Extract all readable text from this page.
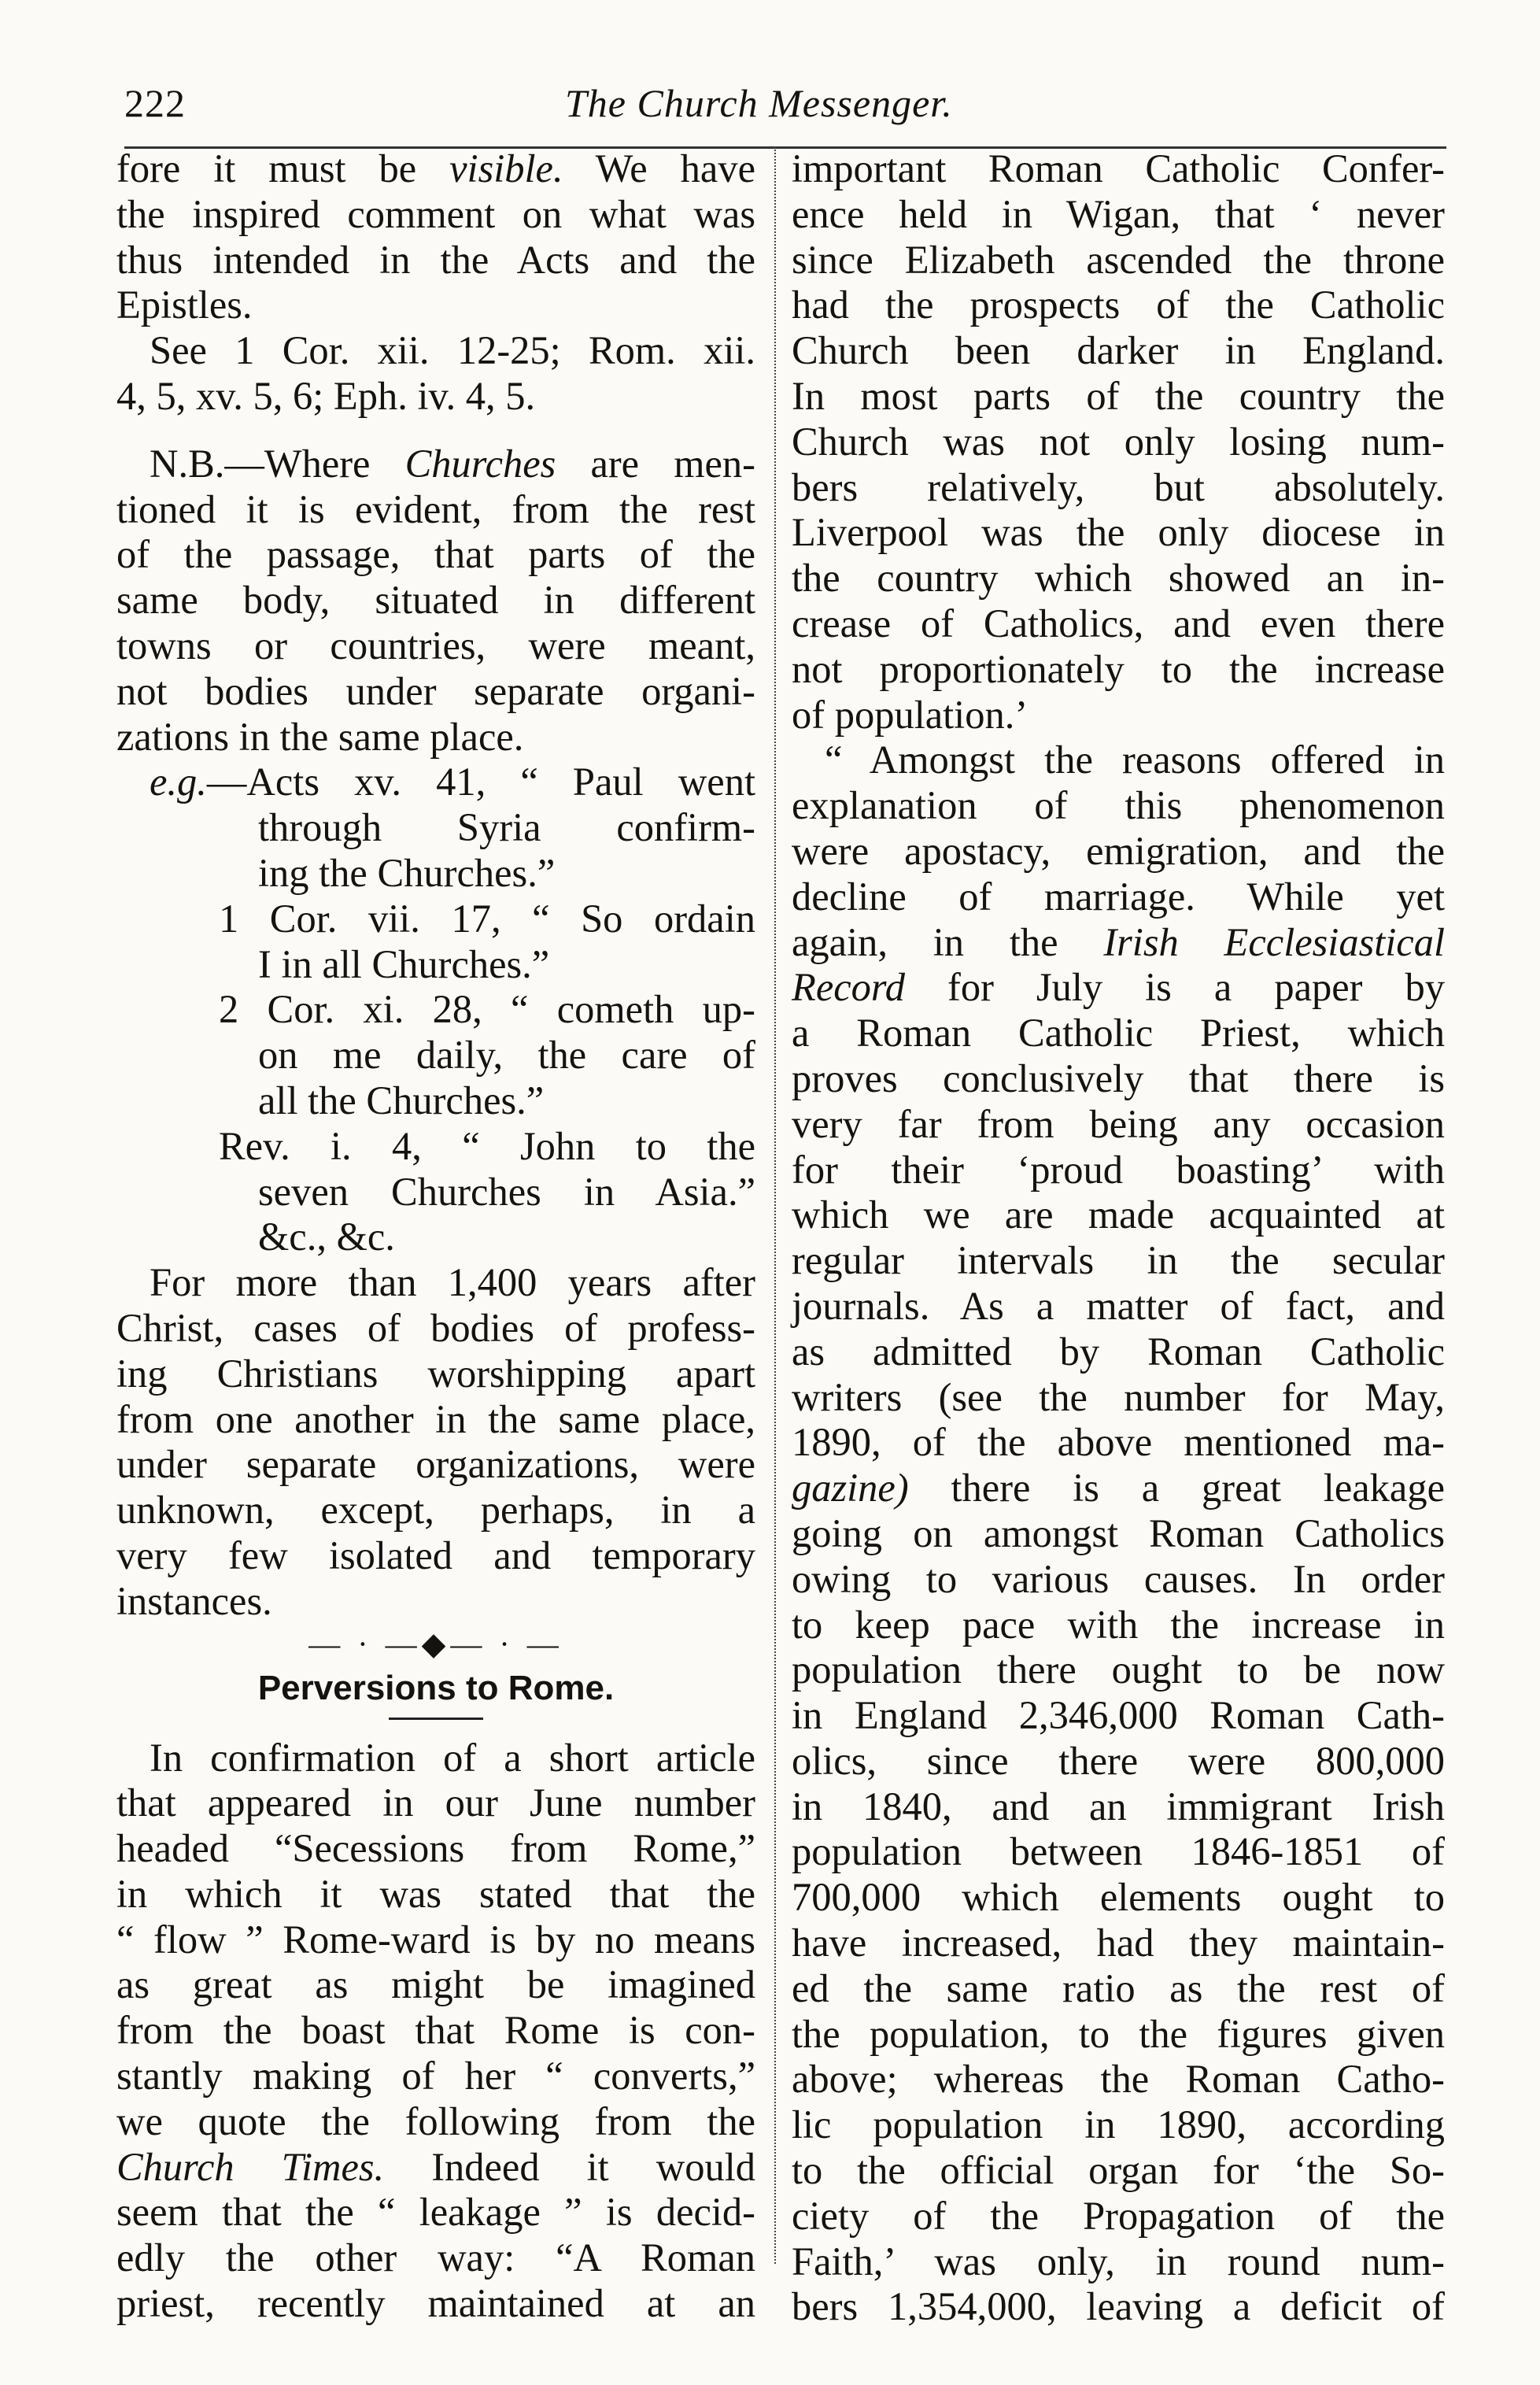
222	The Church Messenger.
fore it must be visible. We have
the inspired comment on what was
thus intended in the Acts and the
Epistles.
See 1 Cor. xii. 12-25; Rom. xii.
4, 5, xv. 5, 6; Eph. iv. 4, 5.
N.B.—Where Churches are men-
tioned it is evident, from the rest
of the passage, that parts of the
same body, situated in different
towns or countries, were meant,
not bodies under separate organi-
zations in the same place.
e.g.—Acts xv. 41, “ Paul went
through Syria confirm-
ing the Churches.”
1 Cor. vii. 17, “ So ordain
I in all Churches.”
2 Cor. xi. 28, “ cometh up-
on me daily, the care of
all the Churches.”
Rev. i. 4, “ John to the
seven Churches in Asia.”
&c., &c.
For more than 1,400 years after
Christ, cases of bodies of profess-
ing Christians worshipping apart
from one another in the same place,
under separate organizations, were
unknown, except, perhaps, in a
very few isolated and temporary
instances.
— · —◆— · —
Perversions to Rome.
In confirmation of a short article
that appeared in our June number
headed “Secessions from Rome,”
in which it was stated that the
“ flow ” Rome-ward is by no means
as great as might be imagined
from the boast that Rome is con-
stantly making of her “ converts,”
we quote the following from the
Church Times. Indeed it would
seem that the “ leakage ” is decid-
edly the other way: “A Roman
priest, recently maintained at an
important Roman Catholic Confer-
ence held in Wigan, that ‘ never
since Elizabeth ascended the throne
had the prospects of the Catholic
Church been darker in England.
In most parts of the country the
Church was not only losing num-
bers relatively, but absolutely.
Liverpool was the only diocese in
the country which showed an in-
crease of Catholics, and even there
not proportionately to the increase
of population.’
“ Amongst the reasons offered in
explanation of this phenomenon
were apostacy, emigration, and the
decline of marriage. While yet
again, in the Irish Ecclesiastical
Record for July is a paper by
a Roman Catholic Priest, which
proves conclusively that there is
very far from being any occasion
for their ‘proud boasting’ with
which we are made acquainted at
regular intervals in the secular
journals. As a matter of fact, and
as admitted by Roman Catholic
writers (see the number for May,
1890, of the above mentioned ma-
gazine) there is a great leakage
going on amongst Roman Catholics
owing to various causes. In order
to keep pace with the increase in
population there ought to be now
in England 2,346,000 Roman Cath-
olics, since there were 800,000
in 1840, and an immigrant Irish
population between 1846-1851 of
700,000 which elements ought to
have increased, had they maintain-
ed the same ratio as the rest of
the population, to the figures given
above; whereas the Roman Catho-
lic population in 1890, according
to the official organ for ‘the So-
ciety of the Propagation of the
Faith,’ was only, in round num-
bers 1,354,000, leaving a deficit of
